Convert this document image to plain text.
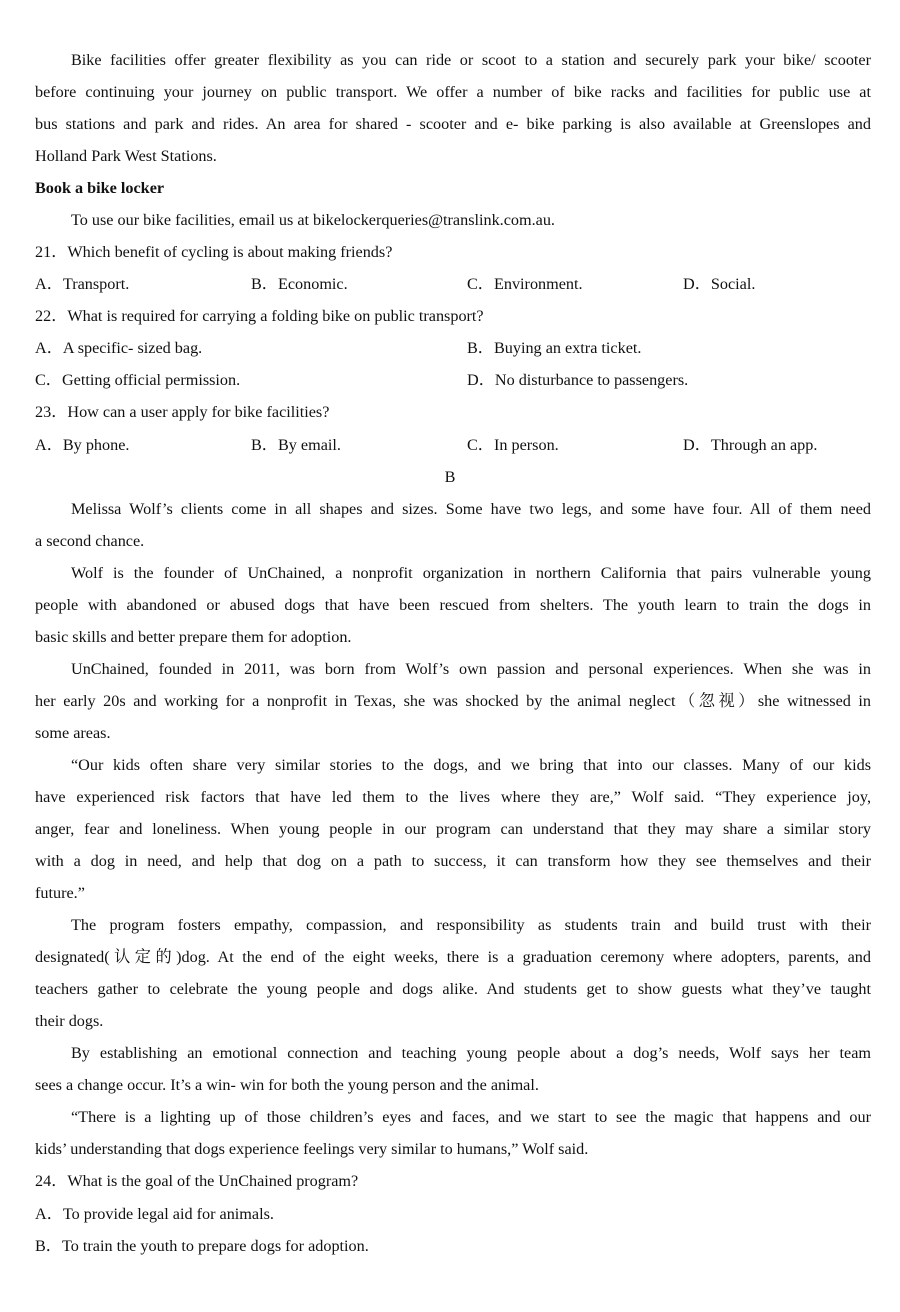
Bike facilities offer greater flexibility as you can ride or scoot to a station and securely park your bike/ scooter
before continuing your journey on public transport. We offer a number of bike racks and facilities for public use at
bus stations and park and rides. An area for shared - scooter and e- bike parking is also available at Greenslopes and
Holland Park West Stations.
Book a bike locker
To use our bike facilities, email us at bikelockerqueries@translink.com.au.
21．Which benefit of cycling is about making friends?
A．Transport.	B．Economic.	C．Environment.	D．Social.
22．What is required for carrying a folding bike on public transport?
A．A specific- sized bag.	B．Buying an extra ticket.
C．Getting official permission.	D．No disturbance to passengers.
23．How can a user apply for bike facilities?
A．By phone.	B．By email.	C．In person.	D．Through an app.
B
Melissa Wolf’s clients come in all shapes and sizes. Some have two legs, and some have four. All of them need
a second chance.
Wolf is the founder of UnChained, a nonprofit organization in northern California that pairs vulnerable young
people with abandoned or abused dogs that have been rescued from shelters. The youth learn to train the dogs in
basic skills and better prepare them for adoption.
UnChained, founded in 2011, was born from Wolf’s own passion and personal experiences. When she was in
her early 20s and working for a nonprofit in Texas, she was shocked by the animal neglect（忽视）she witnessed in
some areas.
“Our kids often share very similar stories to the dogs, and we bring that into our classes. Many of our kids
have experienced risk factors that have led them to the lives where they are,” Wolf said. “They experience joy,
anger, fear and loneliness. When young people in our program can understand that they may share a similar story
with a dog in need, and help that dog on a path to success, it can transform how they see themselves and their
future.”
The program fosters empathy, compassion, and responsibility as students train and build trust with their
designated(认定的)dog. At the end of the eight weeks, there is a graduation ceremony where adopters, parents, and
teachers gather to celebrate the young people and dogs alike. And students get to show guests what they’ve taught
their dogs.
By establishing an emotional connection and teaching young people about a dog’s needs, Wolf says her team
sees a change occur. It’s a win- win for both the young person and the animal.
“There is a lighting up of those children’s eyes and faces, and we start to see the magic that happens and our
kids’ understanding that dogs experience feelings very similar to humans,” Wolf said.
24．What is the goal of the UnChained program?
A．To provide legal aid for animals.
B．To train the youth to prepare dogs for adoption.
